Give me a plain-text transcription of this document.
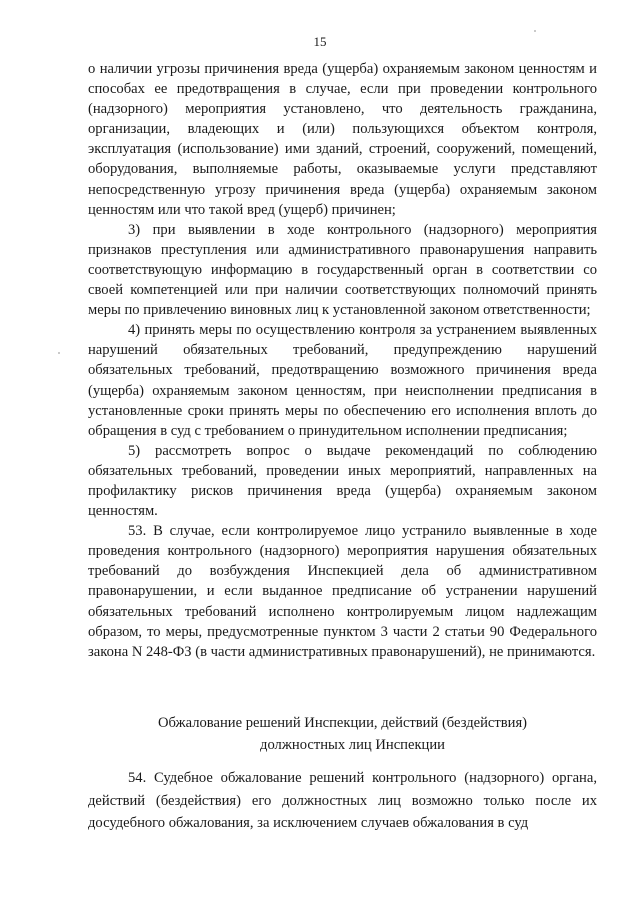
15

о наличии угрозы причинения вреда (ущерба) охраняемым законом ценностям и способах ее предотвращения в случае, если при проведении контрольного (надзорного) мероприятия установлено, что деятельность гражданина, организации, владеющих и (или) пользующихся объектом контроля, эксплуатация (использование) ими зданий, строений, сооружений, помещений, оборудования, выполняемые работы, оказываемые услуги представляют непосредственную угрозу причинения вреда (ущерба) охраняемым законом ценностям или что такой вред (ущерб) причинен;

3) при выявлении в ходе контрольного (надзорного) мероприятия признаков преступления или административного правонарушения направить соответствующую информацию в государственный орган в соответствии со своей компетенцией или при наличии соответствующих полномочий принять меры по привлечению виновных лиц к установленной законом ответственности;

4) принять меры по осуществлению контроля за устранением выявленных нарушений обязательных требований, предупреждению нарушений обязательных требований, предотвращению возможного причинения вреда (ущерба) охраняемым законом ценностям, при неисполнении предписания в установленные сроки принять меры по обеспечению его исполнения вплоть до обращения в суд с требованием о принудительном исполнении предписания;

5) рассмотреть вопрос о выдаче рекомендаций по соблюдению обязательных требований, проведении иных мероприятий, направленных на профилактику рисков причинения вреда (ущерба) охраняемым законом ценностям.

53. В случае, если контролируемое лицо устранило выявленные в ходе проведения контрольного (надзорного) мероприятия нарушения обязательных требований до возбуждения Инспекцией дела об административном правонарушении, и если выданное предписание об устранении нарушений обязательных требований исполнено контролируемым лицом надлежащим образом, то меры, предусмотренные пунктом 3 части 2 статьи 90 Федерального закона N 248-ФЗ (в части административных правонарушений), не принимаются.

Обжалование решений Инспекции, действий (бездействия)
должностных лиц Инспекции

54. Судебное обжалование решений контрольного (надзорного) органа, действий (бездействия) его должностных лиц возможно только после их досудебного обжалования, за исключением случаев обжалования в суд
